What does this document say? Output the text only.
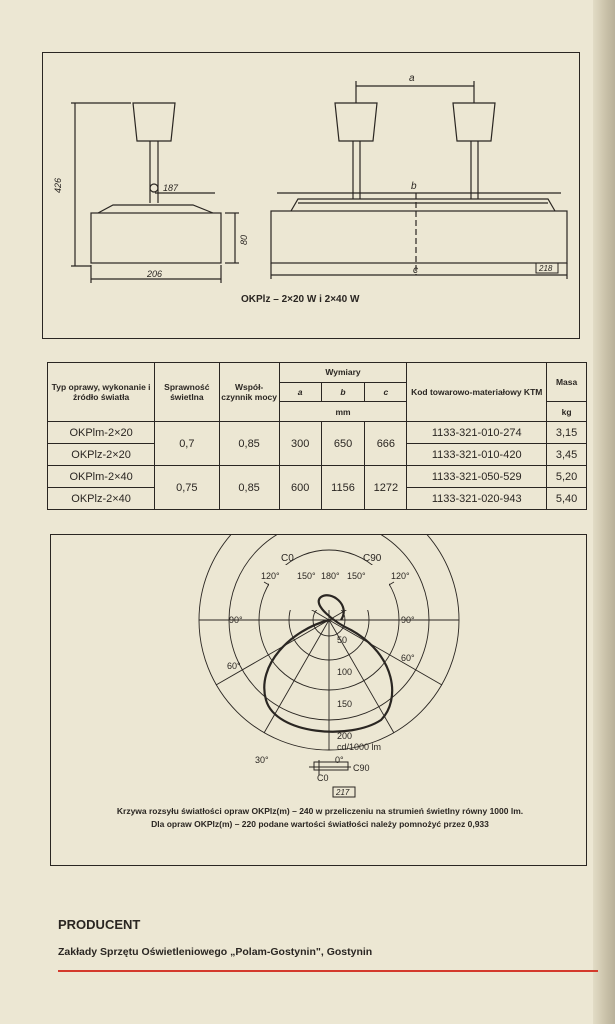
426	187
80
206
a
b
c	218
OKPlz – 2×20 W i 2×40 W
Typ oprawy, wykonanie i źródło światła	Sprawność świetlna	Współ-czynnik mocy	Wymiary			Kod towarowo-materiałowy KTM	Masa
			a	b	c		
			mm				kg
OKPlm-2×20	0,7	0,85	300	650	666	1133-321-010-274	3,15
OKPlz-2×20						1133-321-010-420	3,45
OKPlm-2×40	0,75	0,85	600	1156	1272	1133-321-050-529	5,20
OKPlz-2×40						1133-321-020-943	5,40
C0	C90
150° 180° 150°
120°	120°
90°	90°
60°
60°
30°	0°
50
100
150
200
cd/1000 lm
C0
C90
217
Krzywa rozsyłu światłości opraw OKPlz(m) – 240 w przeliczeniu na strumień świetlny równy 1000 lm.
Dla opraw OKPlz(m) – 220 podane wartości światłości należy pomnożyć przez 0,933
PRODUCENT
Zakłady Sprzętu Oświetleniowego „Polam-Gostynin", Gostynin
